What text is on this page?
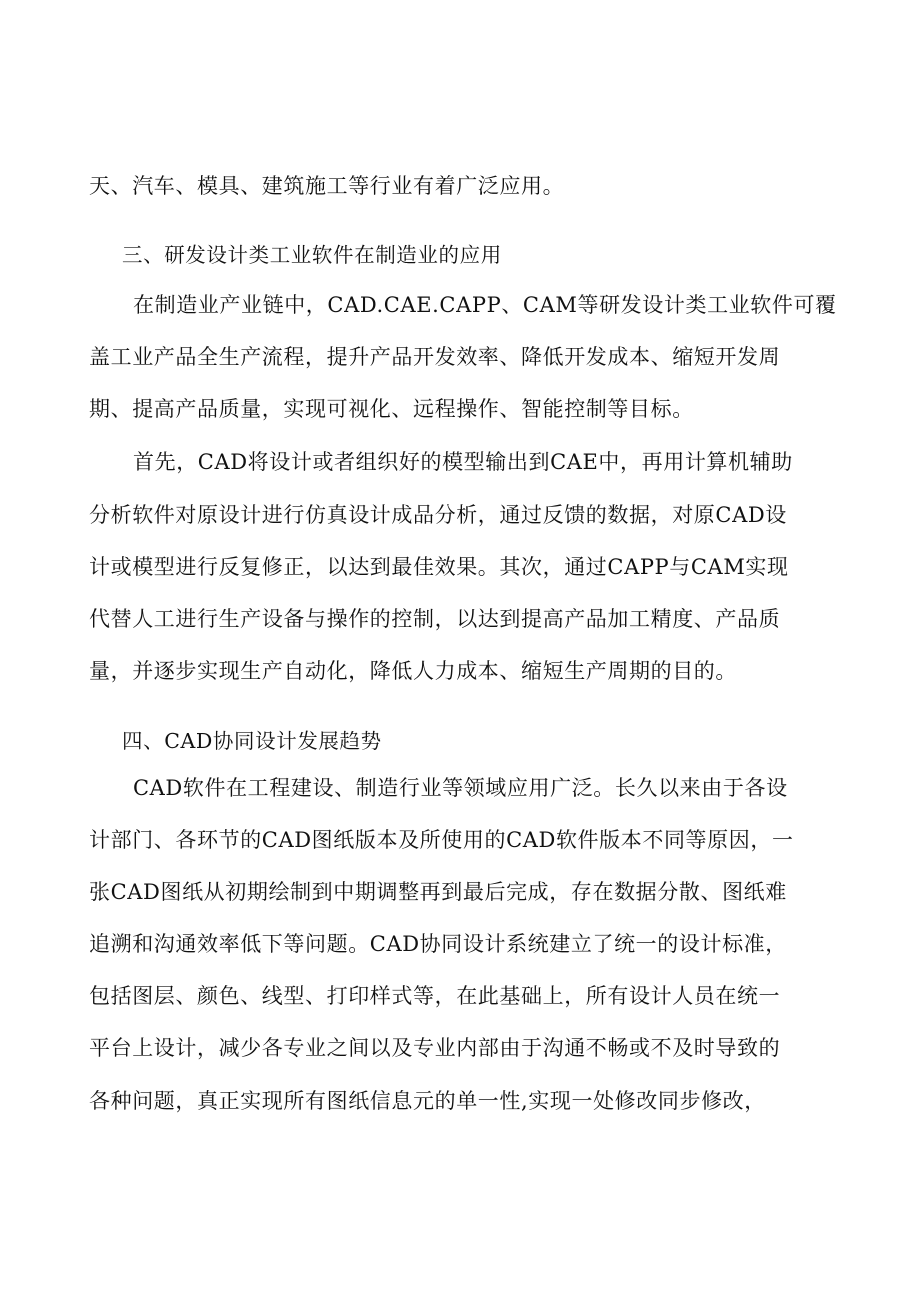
天、汽车、模具、建筑施工等行业有着广泛应用。
三、研发设计类工业软件在制造业的应用
在制造业产业链中，CAD.CAE.CAPP、CAM等研发设计类工业软件可覆
盖工业产品全生产流程，提升产品开发效率、降低开发成本、缩短开发周
期、提高产品质量，实现可视化、远程操作、智能控制等目标。
首先，CAD将设计或者组织好的模型输出到CAE中，再用计算机辅助
分析软件对原设计进行仿真设计成品分析，通过反馈的数据，对原CAD设
计或模型进行反复修正，以达到最佳效果。其次，通过CAPP与CAM实现
代替人工进行生产设备与操作的控制，以达到提高产品加工精度、产品质
量，并逐步实现生产自动化，降低人力成本、缩短生产周期的目的。
四、CAD协同设计发展趋势
CAD软件在工程建设、制造行业等领域应用广泛。长久以来由于各设
计部门、各环节的CAD图纸版本及所使用的CAD软件版本不同等原因，一
张CAD图纸从初期绘制到中期调整再到最后完成，存在数据分散、图纸难
追溯和沟通效率低下等问题。CAD协同设计系统建立了统一的设计标准，
包括图层、颜色、线型、打印样式等，在此基础上，所有设计人员在统一
平台上设计，减少各专业之间以及专业内部由于沟通不畅或不及时导致的
各种问题，真正实现所有图纸信息元的单一性,实现一处修改同步修改，
